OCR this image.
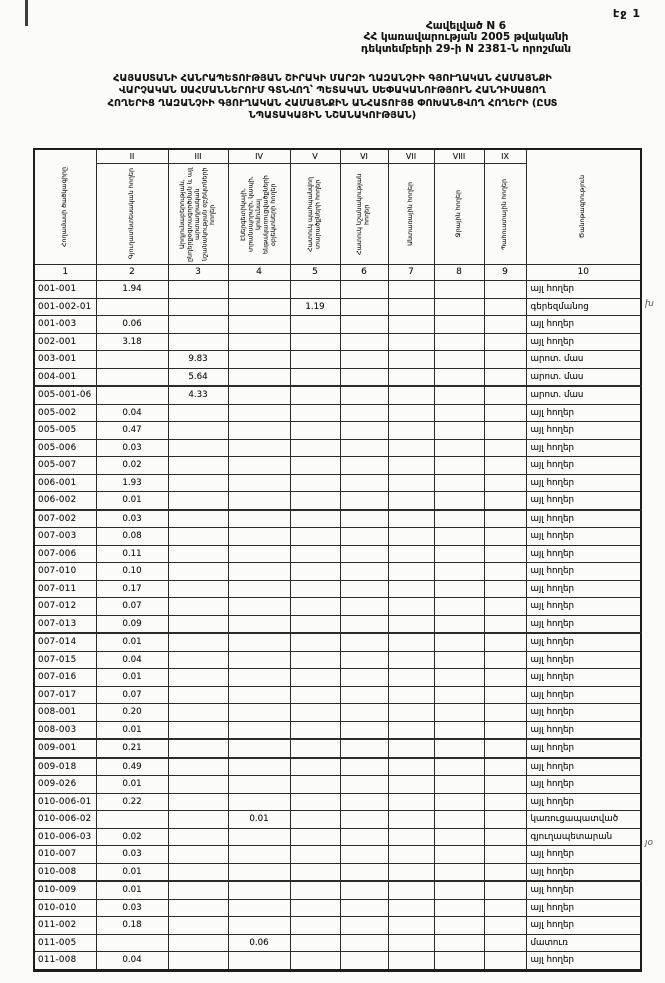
էջ 1
Հավելված N 6
ՀՀ կառավարության 2005 թվականի
դեկտեմբերի 29-ի N 2381-Ն որոշման
ՀԱՅԱՍՏԱՆԻ ՀԱՆՐԱՊԵՏՈՒԹՅԱՆ ՇԻՐԱԿԻ ՄԱՐԶԻ ՂԱԶԱՆՉԻԻ ԳՅՈՒՂԱԿԱՆ ՀԱՄԱՅՆՔԻ
ՎԱՐՉԱԿԱՆ ՍԱՀՄԱՆՆԵՐՈՒՄ ԳՏՆՎՈՂ՝ ՊԵՏԱԿԱՆ ՍԵՓԱԿԱՆՈՒԹՅՈՒՆ ՀԱՆԴԻՍԱՑՈՂ
ՀՈՂԵՐԻՑ ՂԱԶԱՆՉԻԻ ԳՅՈՒՂԱԿԱՆ ՀԱՄԱՅՆՔԻՆ ԱՆՀԱՏՈՒՅՑ ՓՈԽԱՆՑՎՈՂ ՀՈՂԵՐԻ (ԸՍՏ
ՆՊԱՏԱԿԱՅԻՆ ՆՇԱՆԱԿՈՒԹՅԱՆ)
Հողամասի ծածկագիրը	II	III	IV	V	VI	VII	VIII	IX	Ծանոթագրություն

	Գյուղատնտեսական հողեր	Արդյունաբերության, ընդերքօգտագործման և այլ արտադրական նշանակության օբյեկտների հողեր	Էներգետիկայի, տրանսպորտի, կապի, կոմունալ ենթակառուցվածքների օբյեկտների հողեր	Հատուկ պահպանվող տարածքների հողեր	Հատուկ նշանակության հողեր	Անտառային հողեր	Ջրային հողեր	Պահուստային հողեր	

1	2	3	4	5	6	7	8	9	10
001-001	1.94								այլ հողեր
001-002-01				1.19					գերեզմանոց
001-003	0.06								այլ հողեր
002-001	3.18								այլ հողեր
003-001		9.83							արոտ. մաս
004-001		5.64							արոտ. մաս
005-001-06		4.33							արոտ. մաս
005-002	0.04								այլ հողեր
005-005	0.47								այլ հողեր
005-006	0.03								այլ հողեր
005-007	0.02								այլ հողեր
006-001	1.93								այլ հողեր
006-002	0.01								այլ հողեր
007-002	0.03								այլ հողեր
007-003	0.08								այլ հողեր
007-006	0.11								այլ հողեր
007-010	0.10								այլ հողեր
007-011	0.17								այլ հողեր
007-012	0.07								այլ հողեր
007-013	0.09								այլ հողեր
007-014	0.01								այլ հողեր
007-015	0.04								այլ հողեր
007-016	0.01								այլ հողեր
007-017	0.07								այլ հողեր
008-001	0.20								այլ հողեր
008-003	0.01								այլ հողեր
009-001	0.21								այլ հողեր
009-018	0.49								այլ հողեր
009-026	0.01								այլ հողեր
010-006-01	0.22								այլ հողեր
010-006-02			0.01						կառուցապատված
010-006-03	0.02								գյուղապետարան
010-007	0.03								այլ հողեր
010-008	0.01								այլ հողեր
010-009	0.01								այլ հողեր
010-010	0.03								այլ հողեր
011-002	0.18								այլ հողեր
011-005			0.06						մատուռ
011-008	0.04								այլ հողեր
խ
յօ
